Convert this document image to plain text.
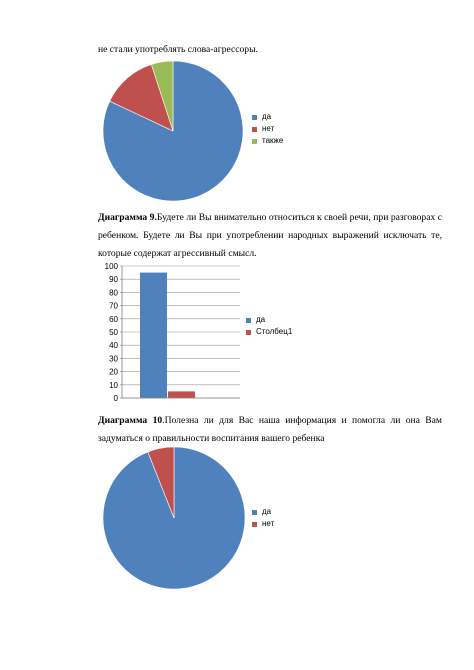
не стали употреблять слова-агрессоры.
да
нет
также
Диаграмма 9.Будете ли Вы внимательно относиться к своей речи, при разговорах с
ребенком. Будете ли Вы при употреблении народных выражений исключать те,
которые содержат агрессивный смысл.
0
10
20
30
40
50
60
70
80
90
100
да
Столбец1
Диаграмма 10.Полезна ли для Вас наша информация и помогла ли она Вам
задуматься о правильности воспитания вашего ребенка
да
нет
